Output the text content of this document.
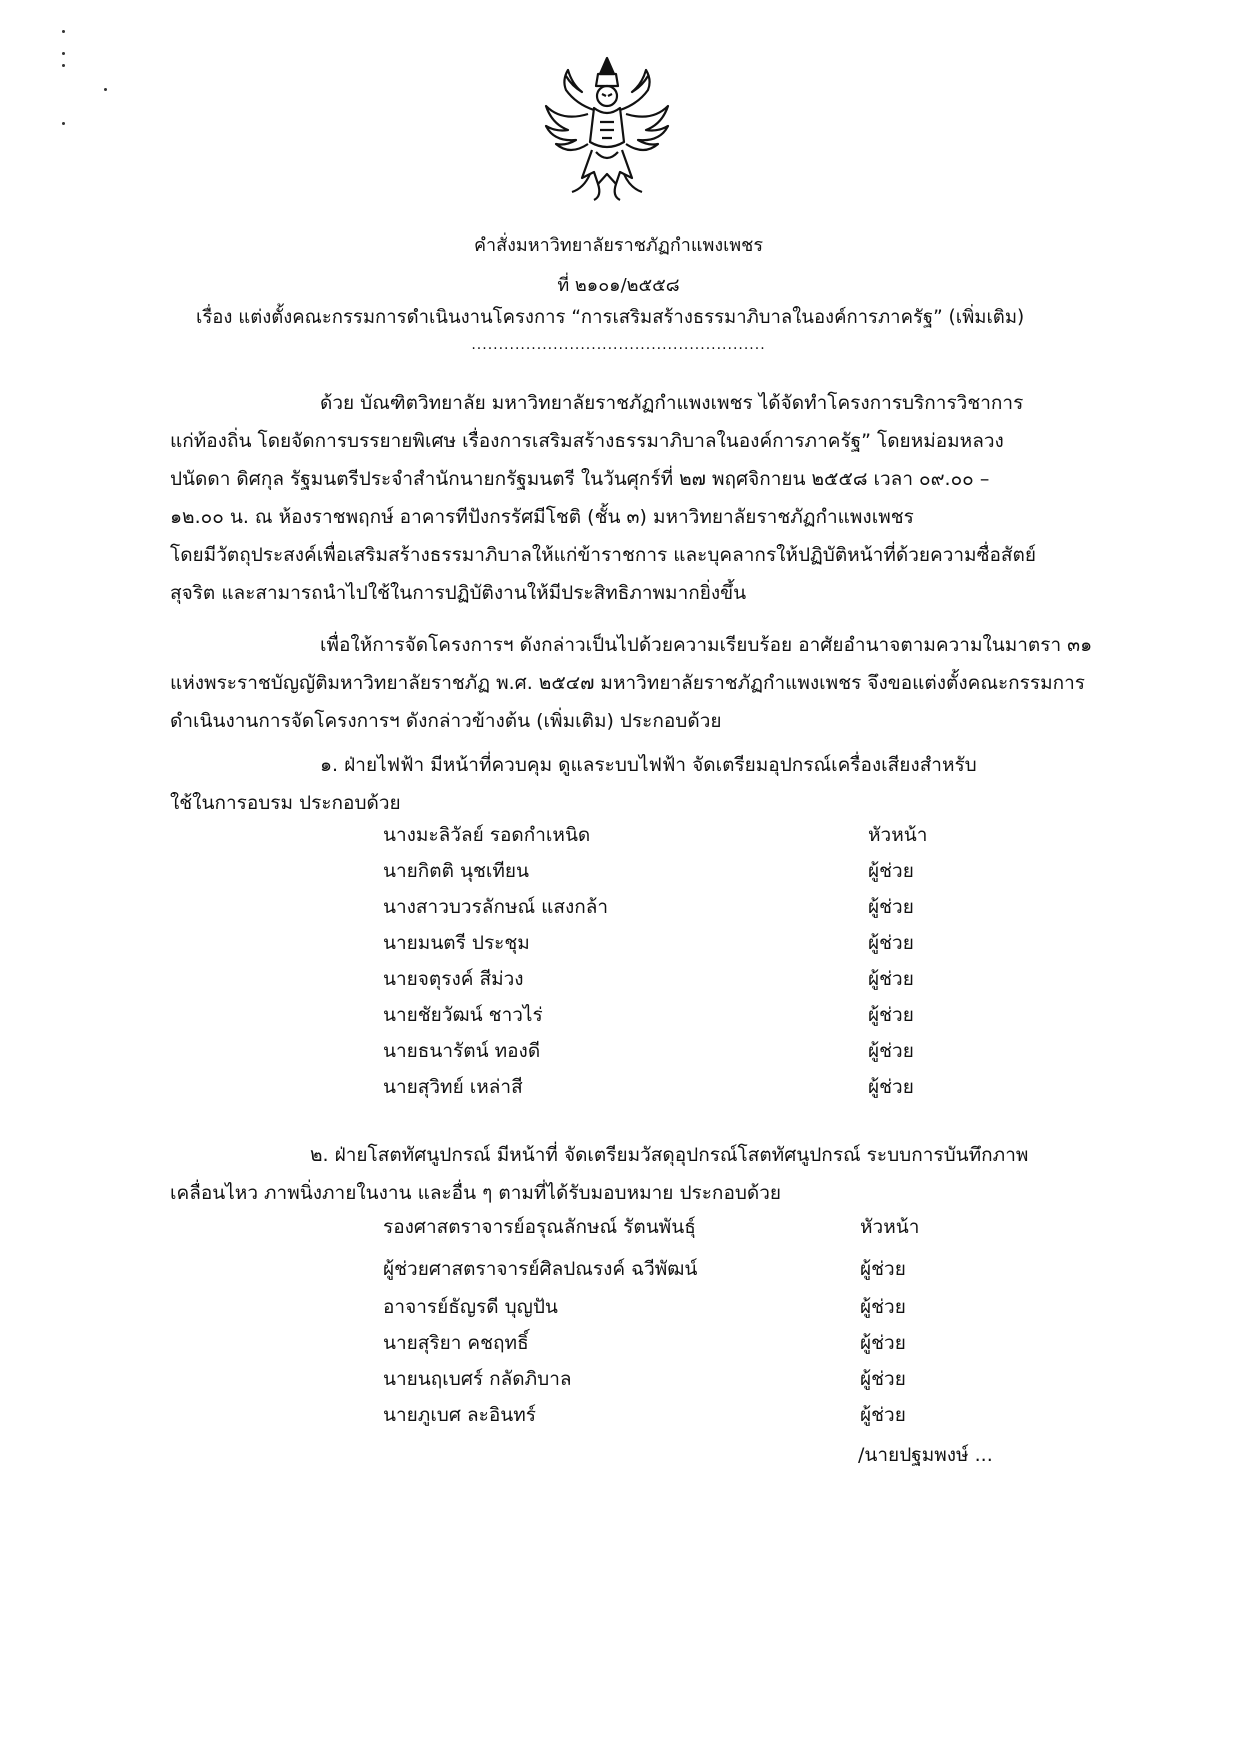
คำสั่งมหาวิทยาลัยราชภัฏกำแพงเพชร
ที่ ๒๑๐๑/๒๕๕๘
เรื่อง แต่งตั้งคณะกรรมการดำเนินงานโครงการ “การเสริมสร้างธรรมาภิบาลในองค์การภาครัฐ” (เพิ่มเติม)
......................................................
ด้วย บัณฑิตวิทยาลัย มหาวิทยาลัยราชภัฏกำแพงเพชร ได้จัดทำโครงการบริการวิชาการ
แก่ท้องถิ่น โดยจัดการบรรยายพิเศษ เรื่องการเสริมสร้างธรรมาภิบาลในองค์การภาครัฐ” โดยหม่อมหลวง
ปนัดดา ดิศกุล รัฐมนตรีประจำสำนักนายกรัฐมนตรี ในวันศุกร์ที่ ๒๗ พฤศจิกายน ๒๕๕๘ เวลา ๐๙.๐๐ –
๑๒.๐๐ น. ณ ห้องราชพฤกษ์ อาคารทีปังกรรัศมีโชติ (ชั้น ๓) มหาวิทยาลัยราชภัฏกำแพงเพชร
โดยมีวัตถุประสงค์เพื่อเสริมสร้างธรรมาภิบาลให้แก่ข้าราชการ และบุคลากรให้ปฏิบัติหน้าที่ด้วยความซื่อสัตย์
สุจริต และสามารถนำไปใช้ในการปฏิบัติงานให้มีประสิทธิภาพมากยิ่งขึ้น
เพื่อให้การจัดโครงการฯ ดังกล่าวเป็นไปด้วยความเรียบร้อย อาศัยอำนาจตามความในมาตรา ๓๑
แห่งพระราชบัญญัติมหาวิทยาลัยราชภัฏ พ.ศ. ๒๕๔๗ มหาวิทยาลัยราชภัฏกำแพงเพชร จึงขอแต่งตั้งคณะกรรมการ
ดำเนินงานการจัดโครงการฯ ดังกล่าวข้างต้น (เพิ่มเติม) ประกอบด้วย
๑. ฝ่ายไฟฟ้า มีหน้าที่ควบคุม ดูแลระบบไฟฟ้า จัดเตรียมอุปกรณ์เครื่องเสียงสำหรับ
ใช้ในการอบรม ประกอบด้วย
นางมะลิวัลย์ รอดกำเหนิด	หัวหน้า
นายกิตติ นุชเทียน	ผู้ช่วย
นางสาวบวรลักษณ์ แสงกล้า	ผู้ช่วย
นายมนตรี ประชุม	ผู้ช่วย
นายจตุรงค์ สีม่วง	ผู้ช่วย
นายชัยวัฒน์ ชาวไร่	ผู้ช่วย
นายธนารัตน์ ทองดี	ผู้ช่วย
นายสุวิทย์ เหล่าสี	ผู้ช่วย
๒. ฝ่ายโสตทัศนูปกรณ์ มีหน้าที่ จัดเตรียมวัสดุอุปกรณ์โสตทัศนูปกรณ์ ระบบการบันทึกภาพ
เคลื่อนไหว ภาพนิ่งภายในงาน และอื่น ๆ ตามที่ได้รับมอบหมาย ประกอบด้วย
รองศาสตราจารย์อรุณลักษณ์ รัตนพันธุ์	หัวหน้า
ผู้ช่วยศาสตราจารย์ศิลปณรงค์ ฉวีพัฒน์	ผู้ช่วย
อาจารย์ธัญรดี บุญปัน	ผู้ช่วย
นายสุริยา คชฤทธิ์	ผู้ช่วย
นายนฤเบศร์ กลัดภิบาล	ผู้ช่วย
นายภูเบศ ละอินทร์	ผู้ช่วย
/นายปฐมพงษ์ ...
